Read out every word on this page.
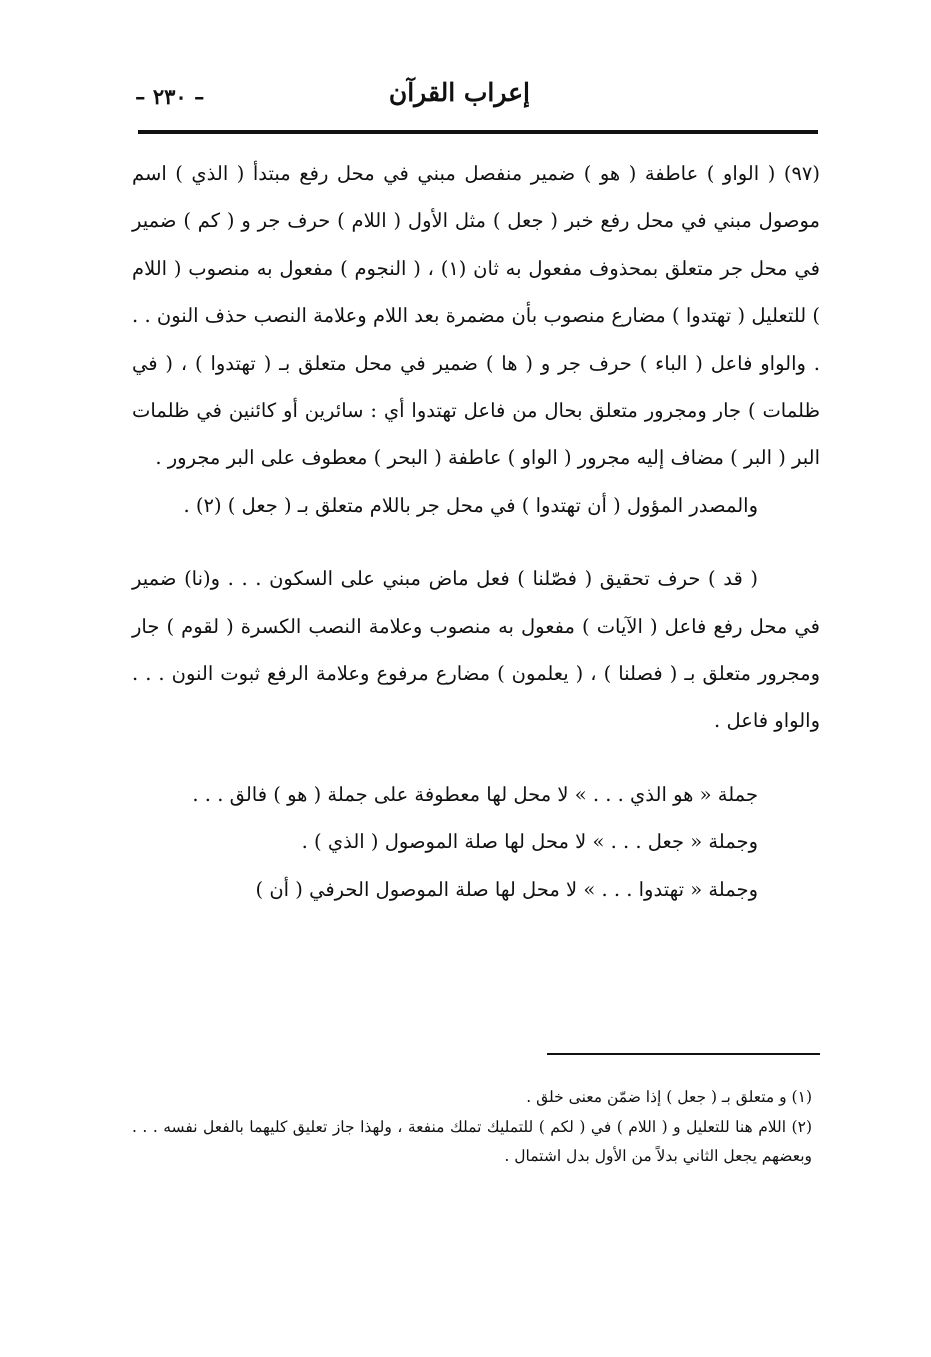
إعراب القرآن
– ٢٣٠ –

(٩٧) ( الواو ) عاطفة ( هو ) ضمير منفصل مبني في محل رفع مبتدأ ( الذي ) اسم موصول مبني في محل رفع خبر ( جعل ) مثل الأول ( اللام ) حرف جر و ( كم ) ضمير في محل جر متعلق بمحذوف مفعول به ثان (١) ، ( النجوم ) مفعول به منصوب ( اللام ) للتعليل ( تهتدوا ) مضارع منصوب بأن مضمرة بعد اللام وعلامة النصب حذف النون . . . والواو فاعل ( الباء ) حرف جر و ( ها ) ضمير في محل متعلق بـ ( تهتدوا ) ، ( في ظلمات ) جار ومجرور متعلق بحال من فاعل تهتدوا أي : سائرين أو كائنين في ظلمات البر ( البر ) مضاف إليه مجرور ( الواو ) عاطفة ( البحر ) معطوف على البر مجرور .

والمصدر المؤول ( أن تهتدوا ) في محل جر باللام متعلق بـ ( جعل ) (٢) .

( قد ) حرف تحقيق ( فصّلنا ) فعل ماض مبني على السكون . . . و(نا) ضمير في محل رفع فاعل ( الآيات ) مفعول به منصوب وعلامة النصب الكسرة ( لقوم ) جار ومجرور متعلق بـ ( فصلنا ) ، ( يعلمون ) مضارع مرفوع وعلامة الرفع ثبوت النون . . . والواو فاعل .

جملة « هو الذي . . . » لا محل لها معطوفة على جملة ( هو ) فالق . . .

وجملة « جعل . . . » لا محل لها صلة الموصول ( الذي ) .

وجملة « تهتدوا . . . » لا محل لها صلة الموصول الحرفي ( أن )

(١) و متعلق بـ ( جعل ) إذا ضمّن معنى خلق .

(٢) اللام هنا للتعليل و ( اللام ) في ( لكم ) للتمليك تملك منفعة ، ولهذا جاز تعليق كليهما بالفعل نفسه . . . وبعضهم يجعل الثاني بدلاً من الأول بدل اشتمال .
